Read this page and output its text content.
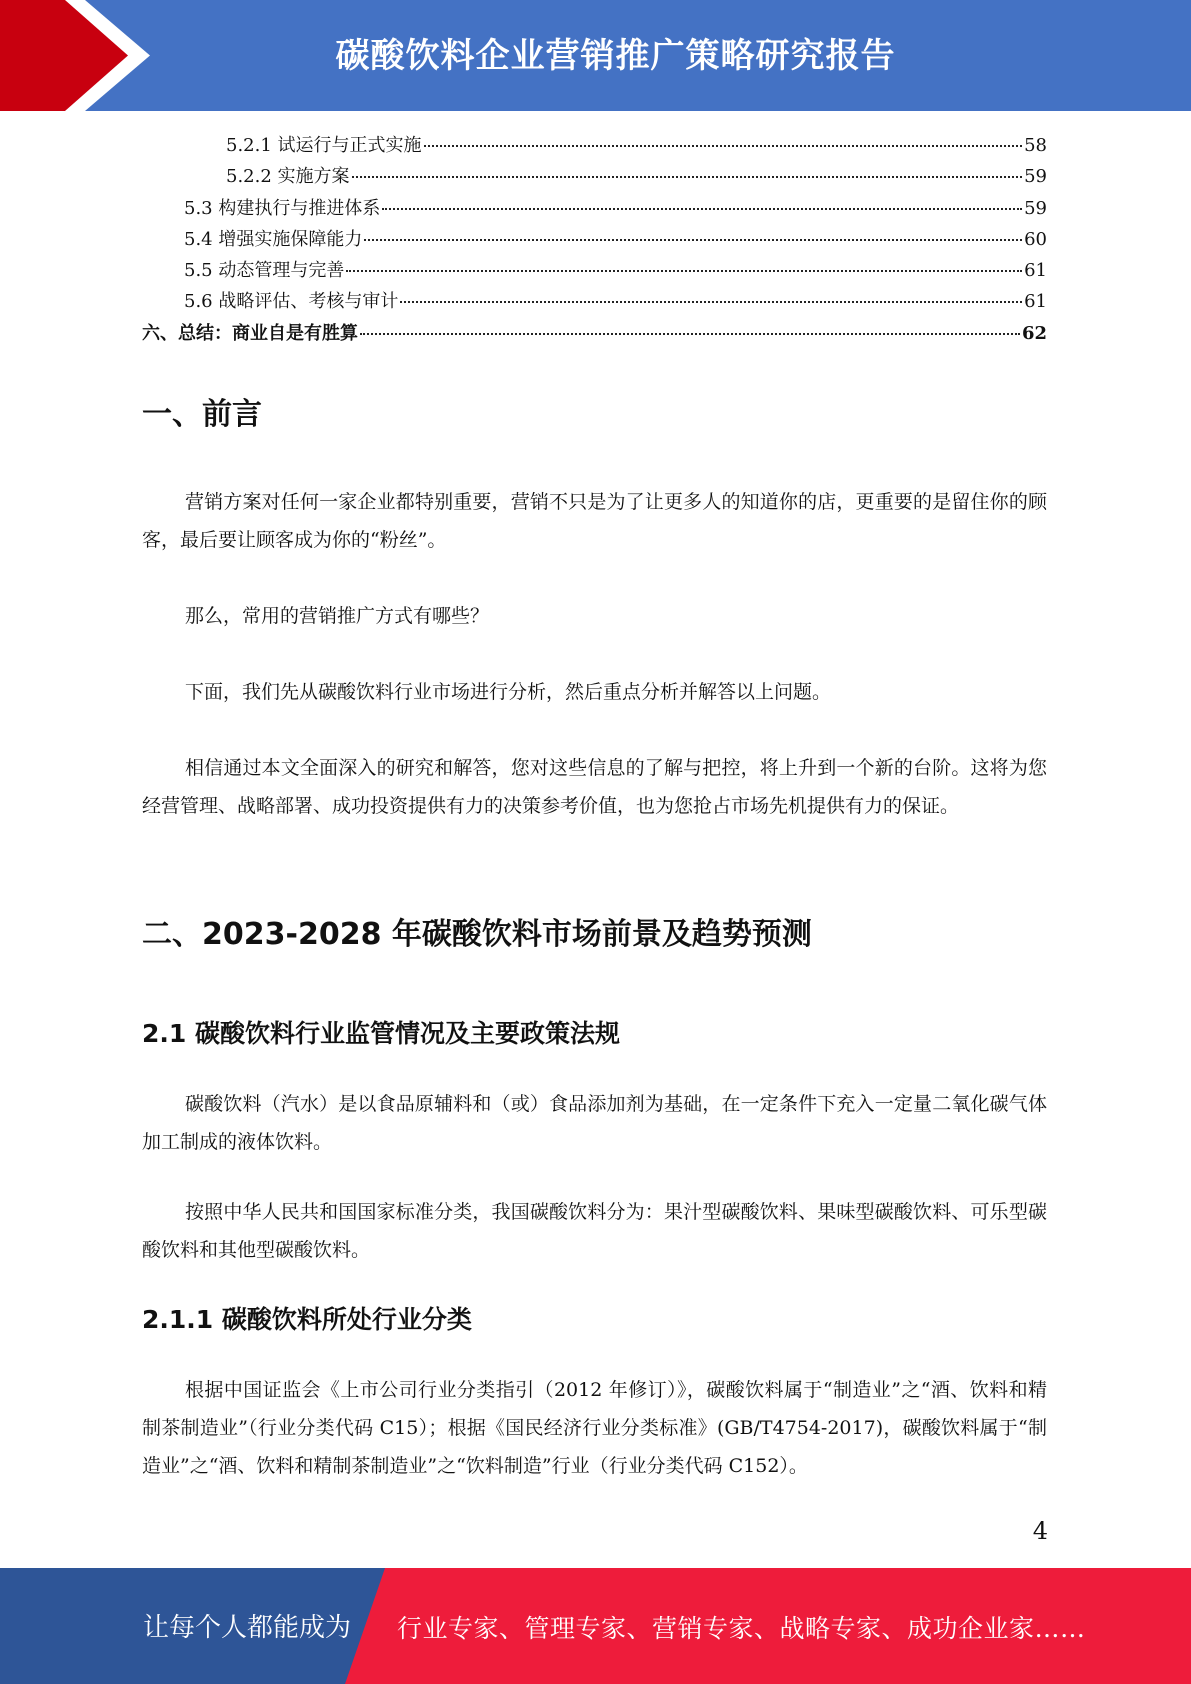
碳酸饮料企业营销推广策略研究报告
5.2.1 试运行与正式实施	58
5.2.2 实施方案	59
5.3 构建执行与推进体系	59
5.4 增强实施保障能力	60
5.5 动态管理与完善	61
5.6 战略评估、考核与审计	61
六、总结：商业自是有胜算	62
一、前言

营销方案对任何一家企业都特别重要，营销不只是为了让更多人的知道你的店，更重要的是留住你的顾客，最后要让顾客成为你的“粉丝”。

那么，常用的营销推广方式有哪些？

下面，我们先从碳酸饮料行业市场进行分析，然后重点分析并解答以上问题。

相信通过本文全面深入的研究和解答，您对这些信息的了解与把控，将上升到一个新的台阶。这将为您经营管理、战略部署、成功投资提供有力的决策参考价值，也为您抢占市场先机提供有力的保证。

二、2023-2028 年碳酸饮料市场前景及趋势预测
2.1 碳酸饮料行业监管情况及主要政策法规

碳酸饮料（汽水）是以食品原辅料和（或）食品添加剂为基础，在一定条件下充入一定量二氧化碳气体加工制成的液体饮料。

按照中华人民共和国国家标准分类，我国碳酸饮料分为：果汁型碳酸饮料、果味型碳酸饮料、可乐型碳酸饮料和其他型碳酸饮料。

2.1.1 碳酸饮料所处行业分类

根据中国证监会《上市公司行业分类指引（2012 年修订）》，碳酸饮料属于“制造业”之“酒、饮料和精制茶制造业”（行业分类代码 C15）；根据《国民经济行业分类标准》(GB/T4754-2017)，碳酸饮料属于“制造业”之“酒、饮料和精制茶制造业”之“饮料制造”行业（行业分类代码 C152）。

4
让每个人都能成为 行业专家、管理专家、营销专家、战略专家、成功企业家……
